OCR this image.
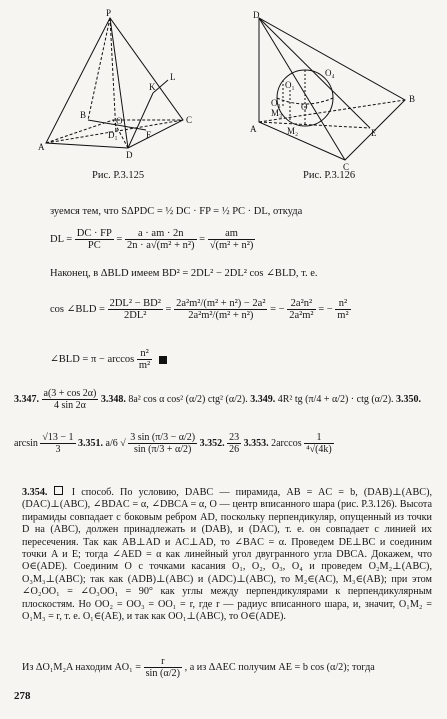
P
K
L
B
O	C
A
D
F
D₁
Рис. Р.3.125
D
B
A
C
E
O₄
O₁
O₃
M₃
M₂
O
Рис. Р.3.126
зуемся тем, что SΔPDC = ½ DC · FP = ½ PC · DL, откуда
DL = $\frac{DC \cdot FP}{PC} = \frac{a \cdot am \cdot 2n}{\text{2n · a√(m² + n²)}} = \frac{am}{\text{√(m² + n²)}}$
Наконец, в ΔBLD имеем BD² = 2DL² − 2DL² cos ∠BLD, т. е.
cos ∠BLD = $\frac{\text{2DL² − BD²}}{\text{2DL²}} = \frac{\text{2a²m²/(m² + n²) − 2a²}}{\text{2a²m²/(m² + n²)}}$ = − $\frac{\text{2a²n²}}{\text{2a²m²}}$ = − $\frac{\text{n²}}{\text{m²}}$
∠BLD = $\pi - \arccos \frac{\text{n²}}{\text{m²}}$

3.347. $\frac{a(3 + \cos 2\alpha)}{4 \sin 2\alpha} 3.348$. 8a² cos α cos² (α/2) ctg² (α/2). 3.349. 4R² tg (π/4 + α/2) · ctg (α/2). 3.350.
$\arcsin \frac{√13 - 1}{3} 3.351$. a/6 √ $\frac{3 \sin (\pi/3 - \alpha/2)}{\sin (\pi/3 + \alpha/2)} 3.352$. $\frac{23}{26} 3.353$. $2\arccos \frac{1}{\text{⁴√(4k)}}$
3.354. I способ. По условию, DABC — пирамида, AB = AC = b, (DAB)⊥(ABC), (DAC)⊥(ABC), ∠BDAC = α, ∠DBCA = α, O — центр вписанного шара (рис. Р.3.126). Высота пирамиды совпадает с боковым ребром AD, поскольку перпендикуляр, опущенный из точки D на (ABC), должен принадлежать и (DAB), и (DAC), т. е. он совпадает с линией их пересечения. Так как AB⊥AD и AC⊥AD, то ∠BAC = α. Проведем DE⊥BC и соединим точки A и E; тогда ∠AED = α как линейный угол двугранного угла DBCA. Докажем, что O∈(ADE). Соединим O с точками касания O₁, O₂, O₃, O₄ и проведем O₂M₂⊥(ABC), O₃M₃⊥(ABC); так как (ADB)⊥(ABC) и (ADC)⊥(ABC), то M₂∈(AC), M₃∈(AB); при этом ∠O₂OO₁ = ∠O₃OO₁ = 90° как углы между перпендикулярами к перпендикулярным плоскостям. Но OO₂ = OO₃ = OO₁ = r, где r — радиус вписанного шара, и, значит, O₁M₂ = O₁M₃ = r, т. е. O₁∈(AE), и так как OO₁⊥(ABC), то O∈(ADE).
Из ΔO₁M₂A находим $AO_1 = \frac{r}{\sin (\alpha/2)}$ , а из ΔAEC получим AE = b cos (α/2); тогда
278
